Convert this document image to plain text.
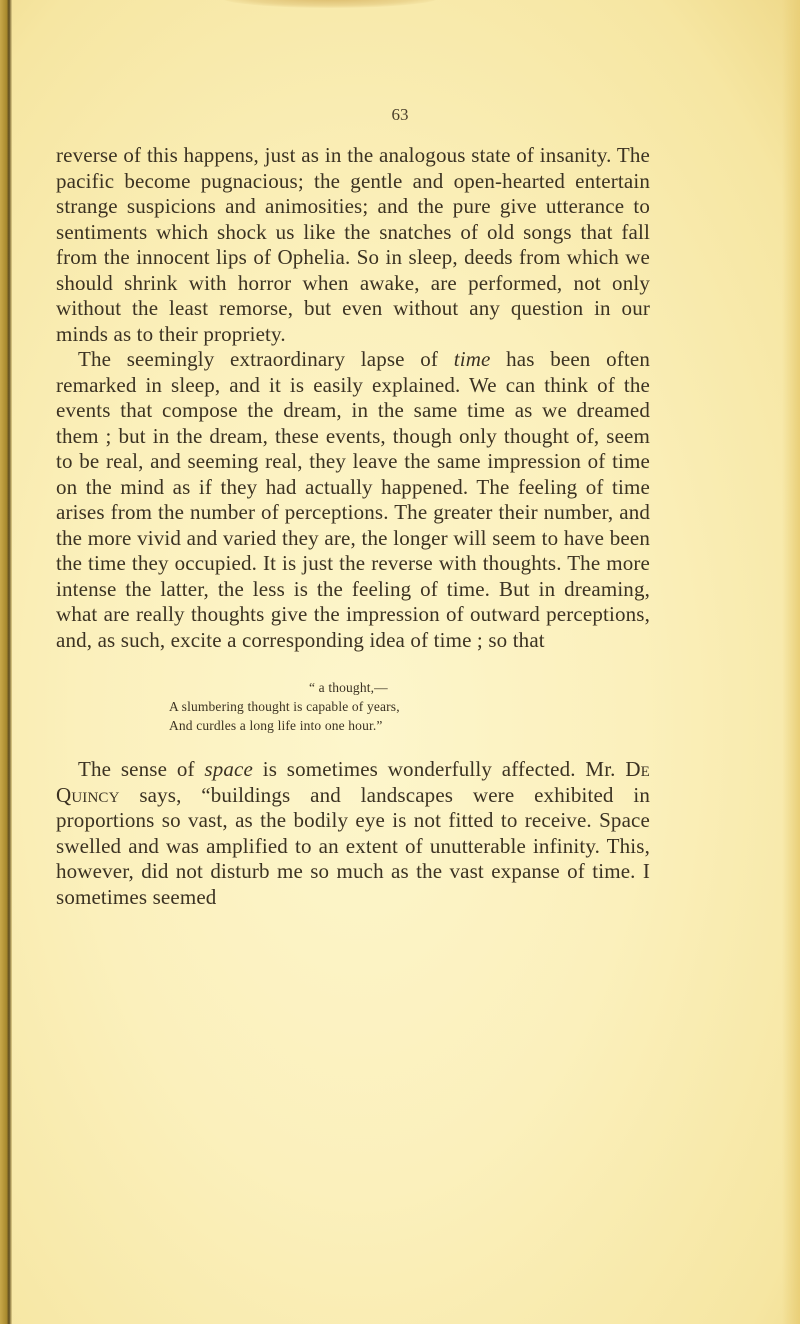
63

reverse of this happens, just as in the analogous state of insanity. The pacific become pugnacious; the gentle and open-hearted entertain strange suspicions and animosities; and the pure give utterance to sentiments which shock us like the snatches of old songs that fall from the innocent lips of Ophelia. So in sleep, deeds from which we should shrink with horror when awake, are performed, not only without the least remorse, but even without any question in our minds as to their propriety.

The seemingly extraordinary lapse of time has been often remarked in sleep, and it is easily explained. We can think of the events that compose the dream, in the same time as we dreamed them ; but in the dream, these events, though only thought of, seem to be real, and seeming real, they leave the same impression of time on the mind as if they had actually happened. The feeling of time arises from the number of perceptions. The greater their number, and the more vivid and varied they are, the longer will seem to have been the time they occupied. It is just the reverse with thoughts. The more intense the latter, the less is the feeling of time. But in dreaming, what are really thoughts give the impression of outward perceptions, and, as such, excite a corresponding idea of time ; so that

“ a thought,—
A slumbering thought is capable of years,
And curdles a long life into one hour.”

The sense of space is sometimes wonderfully affected. Mr. De Quincy says, “buildings and landscapes were exhibited in proportions so vast, as the bodily eye is not fitted to receive. Space swelled and was amplified to an extent of unutterable infinity. This, however, did not disturb me so much as the vast expanse of time. I sometimes seemed
